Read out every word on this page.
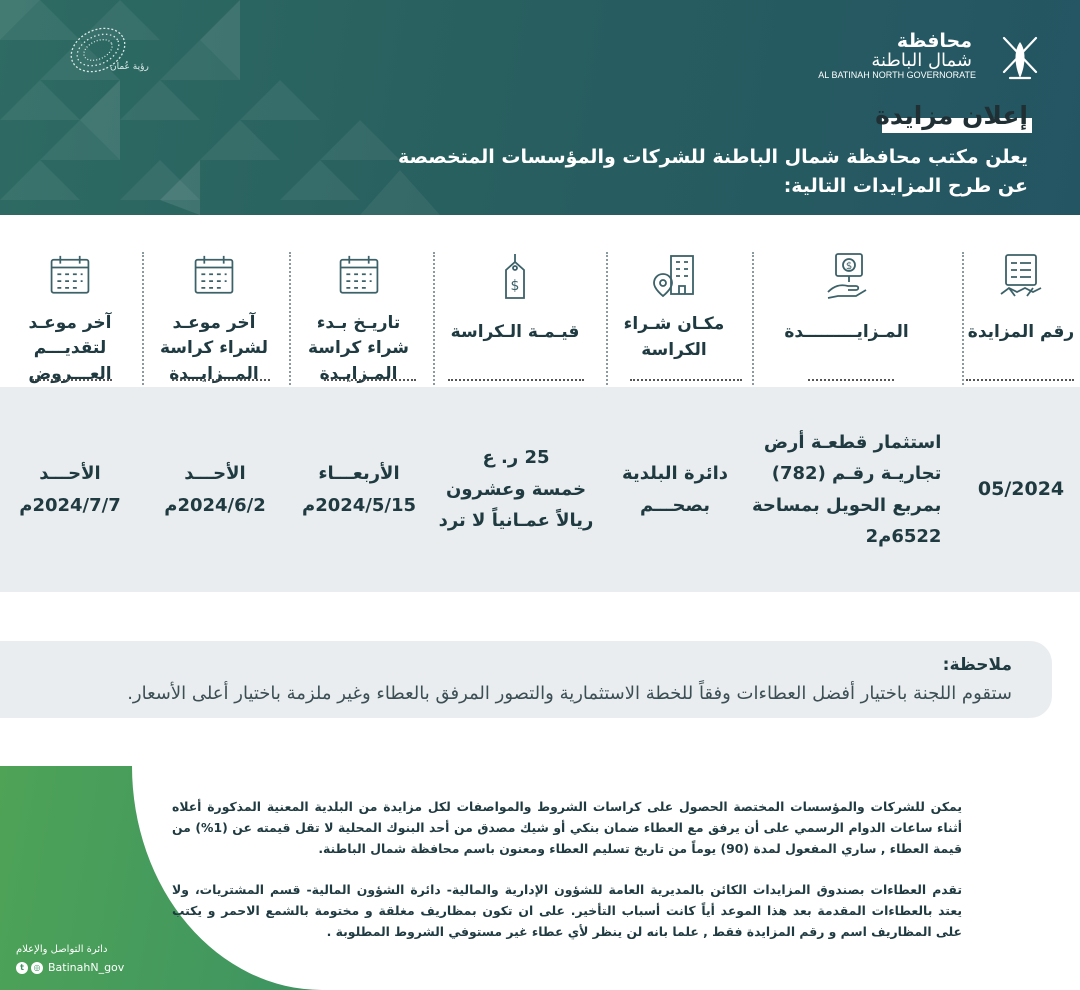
رؤية عُمان
محافظة
شمال الباطنة
AL BATINAH NORTH GOVERNORATE
إعلان مزايدة
يعلن مكتب محافظة شمال الباطنة للشركات والمؤسسات المتخصصة
عن طرح المزايدات التالية:
رقم المزايدة
$
المـزايـــــــــدة
مكـان شـراء
الكراسة
$
قيـمـة الـكراسة
تاريـخ بـدء
شراء كراسة
المـزايـدة
آخر موعـد
لشراء كراسة
المــزايــدة
آخر موعـد
لتقديـــم
العـــروض
05/2024
استثمار قطعـة أرض
تجاريـة رقـم (782)
بمربع الحويل بمساحة
6522م2
دائرة البلدية
بصحـــم
25 ر. ع
خمسة وعشرون
ريالاً عمـانياً لا ترد
الأربعـــاء
2024/5/15م
الأحـــد
2024/6/2م
الأحـــد
2024/7/7م
ملاحظة:
ستقوم اللجنة باختيار أفضل العطاءات وفقاً للخطة الاستثمارية والتصور المرفق بالعطاء وغير ملزمة باختيار أعلى الأسعار.
يمكن للشركات والمؤسسات المختصة الحصول على كراسات الشروط والمواصفات لكل مزايدة من البلدية المعنية المذكورة أعلاه أثناء ساعات الدوام الرسمي على أن يرفق مع العطاء ضمان بنكي أو شيك مصدق من أحد البنوك المحلية لا تقل قيمته عن (1%) من قيمة العطاء , ساري المفعول لمدة (90) يوماً من تاريخ تسليم العطاء ومعنون باسم محافظة شمال الباطنة.
تقدم العطاءات بصندوق المزايدات الكائن بالمديرية العامة للشؤون الإدارية والمالية- دائرة الشؤون المالية- قسم المشتريات، ولا يعتد بالعطاءات المقدمة بعد هذا الموعد أياً كانت أسباب التأخير. على ان تكون بمظاريف مغلقة و مختومة بالشمع الاحمر و يكتب على المظاريف اسم و رقم المزايدة فقط , علما بانه لن ينظر لأي عطاء غير مستوفي الشروط المطلوبة .
دائرة التواصل والإعلام
BatinahN_gov
◎
t
